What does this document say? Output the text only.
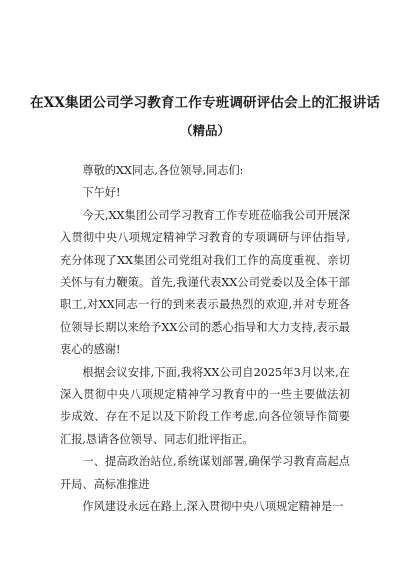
在XX集团公司学习教育工作专班调研评估会上的汇报讲话
（精品）

尊敬的XX同志,各位领导,同志们:

下午好!

今天,XX集团公司学习教育工作专班莅临我公司开展深入贯彻中央八项规定精神学习教育的专项调研与评估指导,充分体现了XX集团公司党组对我们工作的高度重视、亲切关怀与有力鞭策。首先,我谨代表XX公司党委以及全体干部职工,对XX同志一行的到来表示最热烈的欢迎,并对专班各位领导长期以来给予XX公司的悉心指导和大力支持,表示最衷心的感谢!

根据会议安排,下面,我将XX公司自2025年3月以来,在深入贯彻中央八项规定精神学习教育中的一些主要做法初步成效、存在不足以及下阶段工作考虑,向各位领导作简要汇报,恳请各位领导、同志们批评指正。

一、提高政治站位,系统谋划部署,确保学习教育高起点开局、高标准推进

作风建设永远在路上,深入贯彻中央八项规定精神是一
